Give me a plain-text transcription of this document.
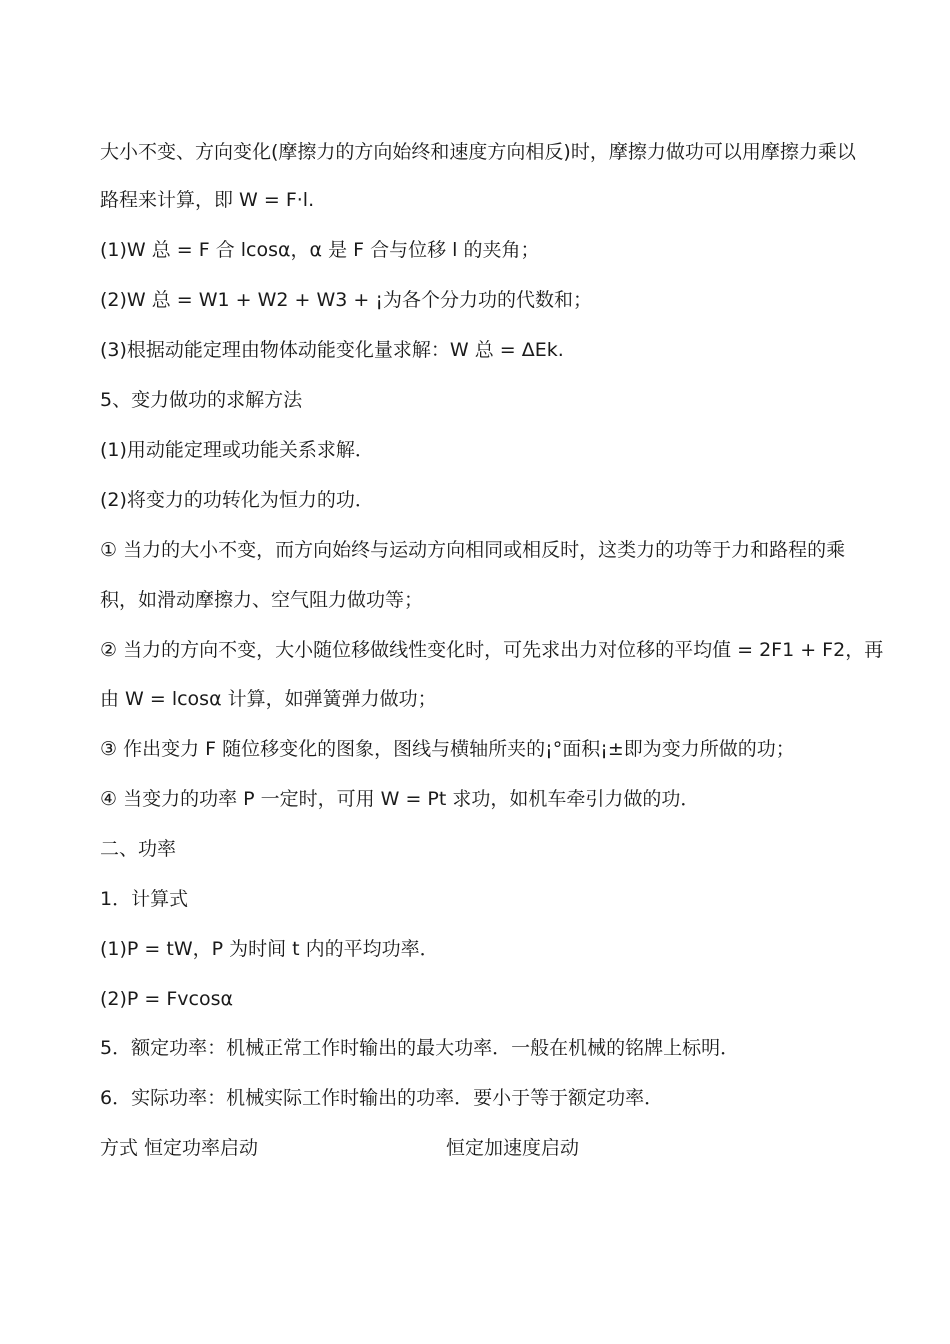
大小不变、方向变化(摩擦力的方向始终和速度方向相反)时，摩擦力做功可以用摩擦力乘以
路程来计算，即 W = F·l.
(1)W 总 = F 合 lcosα，α 是 F 合与位移 l 的夹角；
(2)W 总 = W1 + W2 + W3 + ¡为各个分力功的代数和；
(3)根据动能定理由物体动能变化量求解：W 总 = ΔEk.
5、变力做功的求解方法
(1)用动能定理或功能关系求解．
(2)将变力的功转化为恒力的功．
① 当力的大小不变，而方向始终与运动方向相同或相反时，这类力的功等于力和路程的乘
积，如滑动摩擦力、空气阻力做功等；
② 当力的方向不变，大小随位移做线性变化时，可先求出力对位移的平均值 = 2F1 + F2，再
由 W = lcosα 计算，如弹簧弹力做功；
③ 作出变力 F 随位移变化的图象，图线与横轴所夹的¡°面积¡±即为变力所做的功；
④ 当变力的功率 P 一定时，可用 W = Pt 求功，如机车牵引力做的功．
二、功率
1．计算式
(1)P = tW，P 为时间 t 内的平均功率．
(2)P = Fvcosα
5．额定功率：机械正常工作时输出的最大功率．一般在机械的铭牌上标明．
6．实际功率：机械实际工作时输出的功率．要小于等于额定功率．
方式 恒定功率启动	恒定加速度启动
